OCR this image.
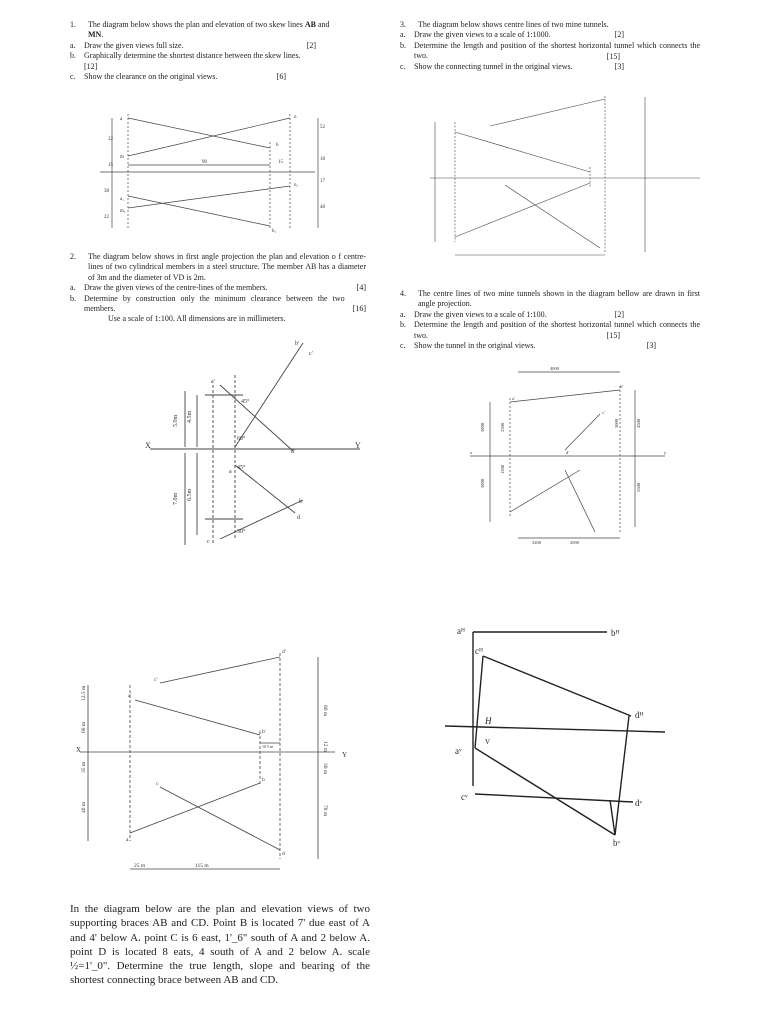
1.	The diagram below shows the plan and elevation of two skew lines AB and
MN.
a.	Draw the given views full size.	[2]
b.	Graphically determine the shortest distance between the skew lines.
[12]
c.	Show the clearance on the original views.	[6]
22
15
38
22
90	15
52
18
17
48
b
n
m
a
n₁
a₁
b₁
m₁
2.	The diagram below shows in first angle projection the plan and elevation o f centre-lines of two cylindrical members in a steel structure. The member AB has a diameter of 3m and the diameter of VD is 2m.
a.	Draw the given views of the centre-lines of the members.	[4]
b.	Determine by construction only the minimum clearance between the two members.	[16]
Use a scale of 1:100. All dimensions are in millimeters.
5.0m 4.5m
7.0m 6.5m
X	Y
45°
60°
45°
30°
b'
a'
d'
c'
b
d
a
c
3.	The diagram below shows centre lines of two mine tunnels.
a.	Draw the given views to a scale of 1:1000.	[2]
b.	Determine the length and position of the shortest horizontal tunnel which connects the two.	[15]
c.	Show the connecting tunnel in the original views.	[3]
4.	The centre lines of two mine tunnels shown in the diagram bellow are drawn in first angle projection.
a.	Draw the given views to a scale of 1:100.	[2]
b.	Determine the length and position of the shortest horizontal tunnel which connects the two.	[15]
c.	Show the tunnel in the original views.	[3]
4000
3000	2500	3000	4500
3000
1500
5500
3200	2000
x	y
b'
c'
a'
d'
X
Y
12.5 m
60 m
35 m
40 m
80 m
10.5 m	12 m
30 m
70 m
25 m	115 m
d'
c'
a'
b'
c
b
a
d
aᴴ	bᴴ
cᴴ
dᴴ
H
V
aᵛ
cᵛ
dᵛ
bᵛ
In the diagram below are the plan and elevation views of two supporting braces AB and CD. Point B is located 7' due east of A and 4' below A. point C is 6 east, 1'_6" south of A and 2 below A. point D is located 8 eats, 4 south of A and 2 below A. scale ½=1'_0". Determine the true length, slope and bearing of the shortest connecting brace between AB and CD.
